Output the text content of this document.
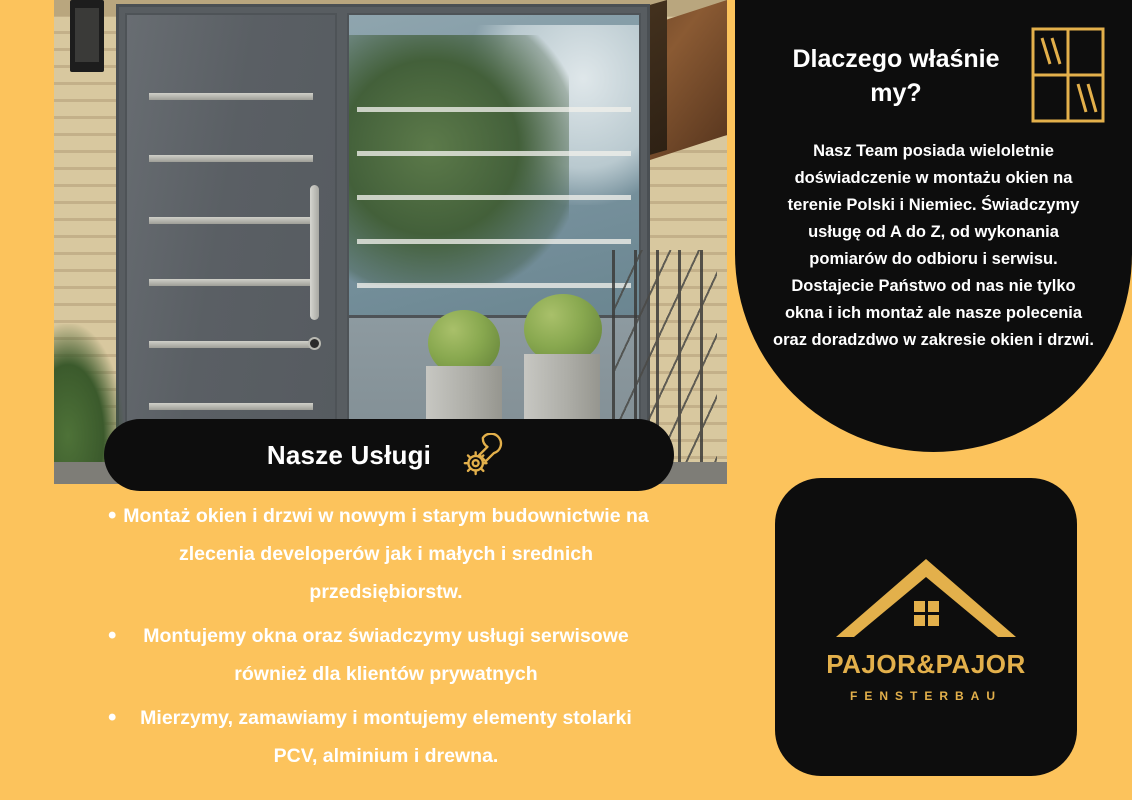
Nasze Usługi
• Montaż okien i drzwi w nowym i starym budownictwie na zlecenia developerów jak i małych i srednich przedsiębiorstw.
• Montujemy okna oraz świadczymy usługi serwisowe również dla klientów prywatnych
• Mierzymy, zamawiamy i montujemy elementy stolarki PCV, alminium i drewna.
Dlaczego właśnie my?

Nasz Team posiada wieloletnie doświadczenie w montażu okien na terenie Polski i Niemiec. Świadczymy usługę od A do Z, od wykonania pomiarów do odbioru i serwisu. Dostajecie Państwo od nas nie tylko okna i ich montaż ale nasze polecenia oraz doradzdwo w zakresie okien i drzwi.

PAJOR&PAJOR
FENSTERBAU
